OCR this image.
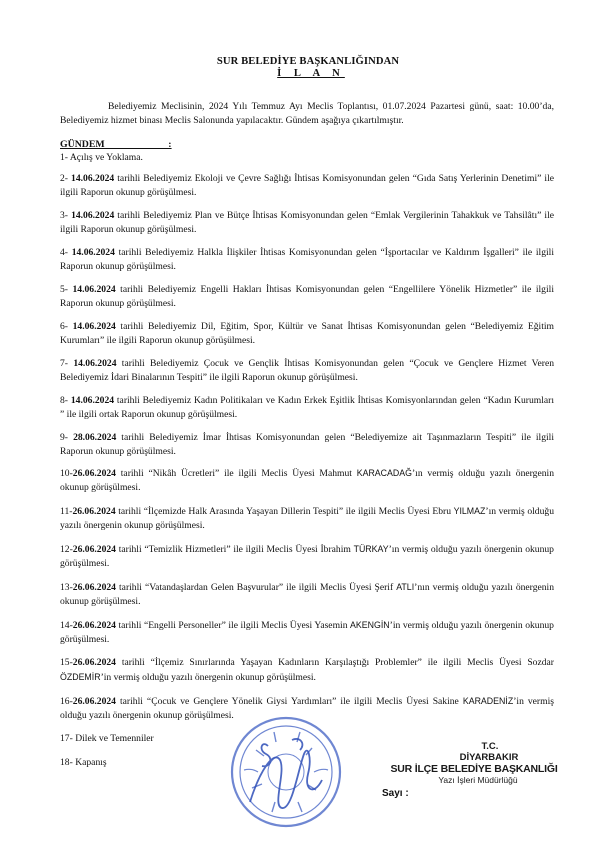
SUR BELEDİYE BAŞKANLIĞINDAN
İ L A N
Belediyemiz Meclisinin, 2024 Yılı Temmuz Ayı Meclis Toplantısı, 01.07.2024 Pazartesi günü, saat: 10.00’da, Belediyemiz hizmet binası Meclis Salonunda yapılacaktır. Gündem aşağıya çıkartılmıştır.
GÜNDEM                          :
1- Açılış ve Yoklama.
2- 14.06.2024 tarihli Belediyemiz Ekoloji ve Çevre Sağlığı İhtisas Komisyonundan gelen “Gıda Satış Yerlerinin Denetimi” ile ilgili Raporun okunup görüşülmesi.
3- 14.06.2024 tarihli Belediyemiz Plan ve Bütçe İhtisas Komisyonundan gelen “Emlak Vergilerinin Tahakkuk ve Tahsilâtı” ile ilgili Raporun okunup görüşülmesi.
4- 14.06.2024 tarihli Belediyemiz Halkla İlişkiler İhtisas Komisyonundan gelen “İşportacılar ve Kaldırım İşgalleri” ile ilgili Raporun okunup görüşülmesi.
5- 14.06.2024 tarihli Belediyemiz Engelli Hakları İhtisas Komisyonundan gelen “Engellilere Yönelik Hizmetler” ile ilgili Raporun okunup görüşülmesi.
6- 14.06.2024 tarihli Belediyemiz Dil, Eğitim, Spor, Kültür ve Sanat İhtisas Komisyonundan gelen “Belediyemiz Eğitim Kurumları” ile ilgili Raporun okunup görüşülmesi.
7- 14.06.2024 tarihli Belediyemiz Çocuk ve Gençlik İhtisas Komisyonundan gelen “Çocuk ve Gençlere Hizmet Veren Belediyemiz İdari Binalarının Tespiti” ile ilgili Raporun okunup görüşülmesi.
8- 14.06.2024 tarihli Belediyemiz Kadın Politikaları ve Kadın Erkek Eşitlik İhtisas Komisyonlarından gelen “Kadın Kurumları ” ile ilgili ortak Raporun okunup görüşülmesi.
9- 28.06.2024 tarihli Belediyemiz İmar İhtisas Komisyonundan gelen “Belediyemize ait Taşınmazların Tespiti” ile ilgili Raporun okunup görüşülmesi.
10-26.06.2024 tarihli “Nikâh Ücretleri” ile ilgili Meclis Üyesi Mahmut KARACADAĞ’ın vermiş olduğu yazılı önergenin okunup görüşülmesi.
11-26.06.2024 tarihli “İlçemizde Halk Arasında Yaşayan Dillerin Tespiti” ile ilgili Meclis Üyesi Ebru YILMAZ’ın vermiş olduğu yazılı önergenin okunup görüşülmesi.
12-26.06.2024 tarihli “Temizlik Hizmetleri” ile ilgili Meclis Üyesi İbrahim TÜRKAY’ın vermiş olduğu yazılı önergenin okunup görüşülmesi.
13-26.06.2024 tarihli “Vatandaşlardan Gelen Başvurular” ile ilgili Meclis Üyesi Şerif ATLI’nın vermiş olduğu yazılı önergenin okunup görüşülmesi.
14-26.06.2024 tarihli “Engelli Personeller” ile ilgili Meclis Üyesi Yasemin AKENGİN’in vermiş olduğu yazılı önergenin okunup görüşülmesi.
15-26.06.2024 tarihli “İlçemiz Sınırlarında Yaşayan Kadınların Karşılaştığı Problemler” ile ilgili Meclis Üyesi Sozdar ÖZDEMİR’in vermiş olduğu yazılı önergenin okunup görüşülmesi.
16-26.06.2024 tarihli “Çocuk ve Gençlere Yönelik Giysi Yardımları” ile ilgili Meclis Üyesi Sakine KARADENİZ’in vermiş olduğu yazılı önergenin okunup görüşülmesi.
17- Dilek ve Temenniler
18- Kapanış
T.C.
DİYARBAKIR
SUR İLÇE BELEDİYE BAŞKANLIĞI
Yazı İşleri Müdürlüğü
Sayı :
